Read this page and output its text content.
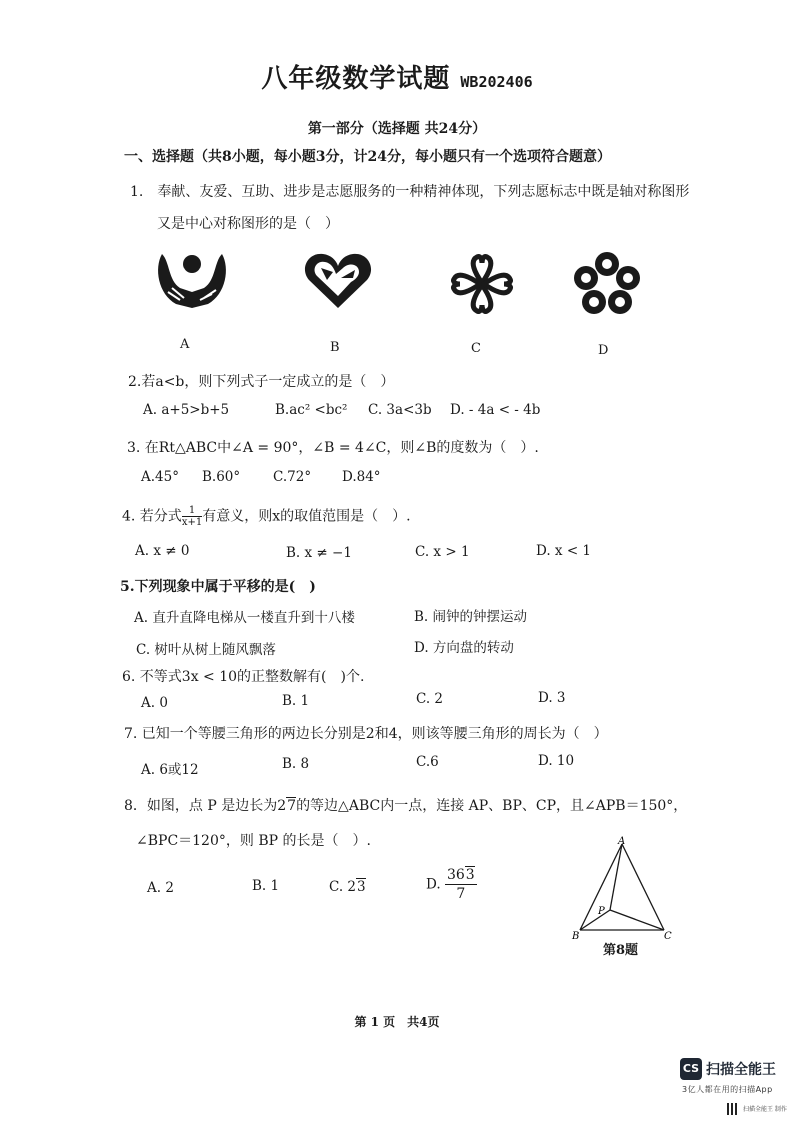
八年级数学试题 WB202406
第一部分（选择题 共24分）
一、选择题（共8小题，每小题3分，计24分，每小题只有一个选项符合题意）
1.　奉献、友爱、互助、进步是志愿服务的一种精神体现，下列志愿标志中既是轴对称图形
又是中心对称图形的是（　）
A	B	C	D
2.若a<b，则下列式子一定成立的是（　）
A. a+5>b+5	B.ac² <bc² C. 3a<3b D. - 4a < - 4b
3. 在Rt△ABC中∠A = 90°，∠B = 4∠C，则∠B的度数为（　）.
A.45° B.60° C.72° D.84°
4. 若分式 $\frac{1}{x+1}$ 有意义，则x的取值范围是（　）.
A. x ≠ 0	B. x ≠ −1	C. x > 1	D. x < 1
5.下列现象中属于平移的是(　)
A. 直升直降电梯从一楼直升到十八楼	B. 闹钟的钟摆运动
C. 树叶从树上随风飘落	D. 方向盘的转动
6. 不等式3x < 10的正整数解有(　)个.
A. 0	B. 1	C. 2	D. 3
7. 已知一个等腰三角形的两边长分别是2和4，则该等腰三角形的周长为（　）
A. 6或12	B. 8	C.6	D. 10
8．如图，点 P 是边长为27的等边△ABC内一点，连接 AP、BP、CP，且∠APB＝150°，
∠BPC＝120°，则 BP 的长是（　）.
A. 2	B. 1	C. 23	D. $\frac{363}{7}$
A
B	C
P
第8题
第 1 页　共4页
CS 扫描全能王
3亿人都在用的扫描App
扫描全能王 制作
